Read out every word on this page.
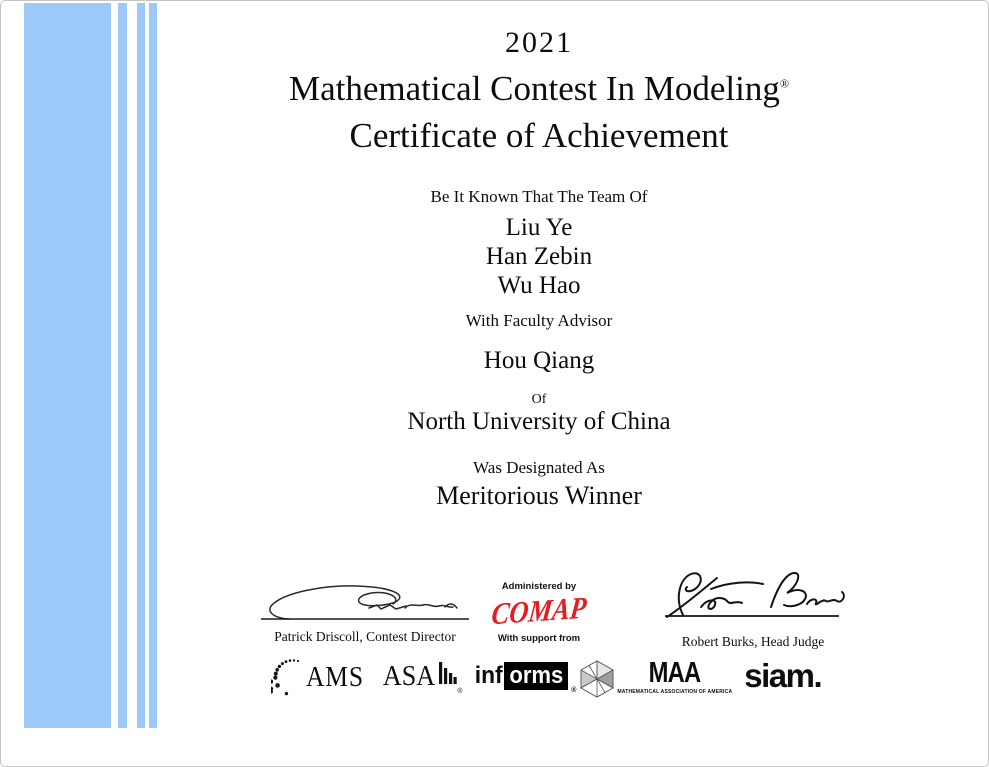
2021
Mathematical Contest In Modeling®
Certificate of Achievement
Be It Known That The Team Of
Liu Ye
Han Zebin
Wu Hao
With Faculty Advisor
Hou Qiang
Of
North University of China
Was Designated As
Meritorious Winner
Patrick Driscoll, Contest Director
Administered by
COMAP
With support from	Robert Burks, Head Judge
AMS ASA	®
inf orms
®
MAA
MATHEMATICAL ASSOCIATION OF AMERICA siam .
